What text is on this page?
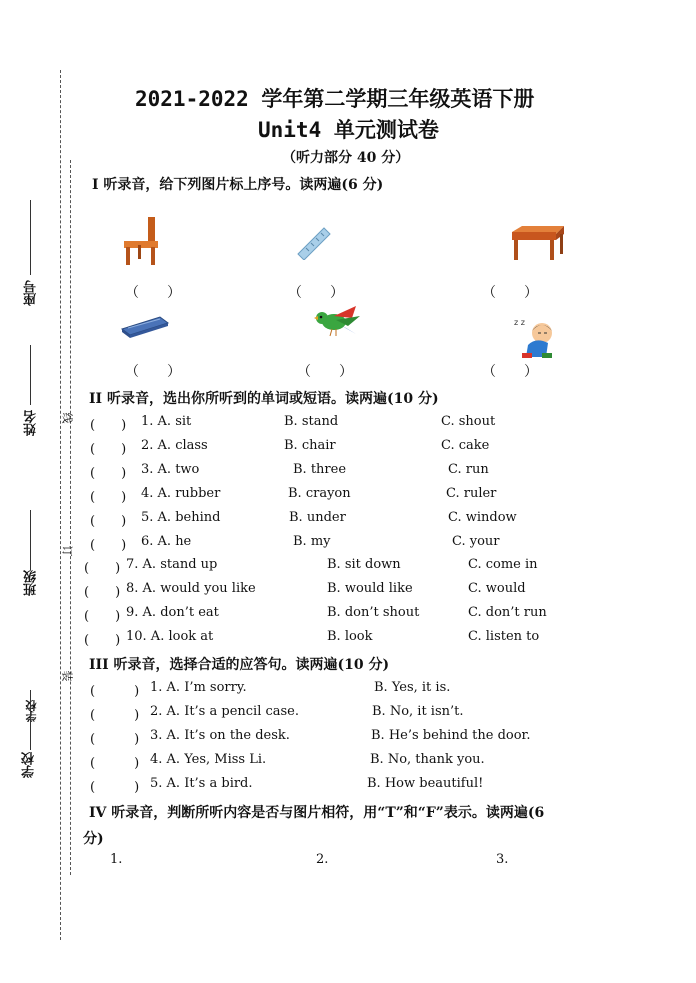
学校
学校
班级
姓名
座号
装
订
线
2021-2022 学年第二学期三年级英语下册
Unit4 单元测试卷
（听力部分 40 分）
I 听录音，给下列图片标上序号。读两遍(6 分)
（　　）	（　　）	（　　）
z z
（　　）	（　　）	（　　）
II 听录音，选出你所听到的单词或短语。读两遍(10 分)
(　　) 1. A. sit	B. stand	C. shout
(　　) 2. A. class	B. chair	C. cake
(　　) 3. A. two	B. three	C. run
(　　) 4. A. rubber	B. crayon	C. ruler
(　　) 5. A. behind	B. under	C. window
(　　) 6. A. he	B. my	C. your
(　　) 7. A. stand up	B. sit down	C. come in
(　　) 8. A. would you like	B. would like	C. would
(　　) 9. A. don’t eat	B. don’t shout	C. don’t run
(　　) 10. A. look at	B. look	C. listen to
III 听录音，选择合适的应答句。读两遍(10 分)
(　　　) 1. A. I’m sorry.	B. Yes, it is.
(　　　) 2. A. It’s a pencil case.	B. No, it isn’t.
(　　　) 3. A. It’s on the desk.	B. He’s behind the door.
(　　　) 4. A. Yes, Miss Li.	B. No, thank you.
(　　　) 5. A. It’s a bird.	B. How beautiful!
IV 听录音，判断所听内容是否与图片相符，用“T”和“F”表示。读两遍(6
分)
1.	2.	3.
